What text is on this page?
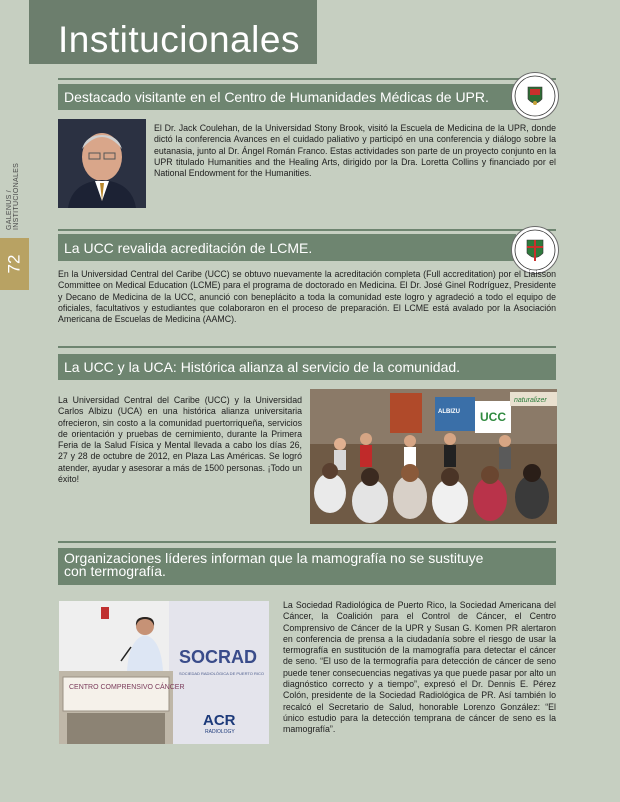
Institucionales
GALENUS / INSTITUCIONALES
72
Destacado visitante en el Centro de Humanidades Médicas de UPR.
El Dr. Jack Coulehan, de la Universidad Stony Brook, visitó la Escuela de Medicina de la UPR, donde dictó la conferencia Avances en el cuidado paliativo y participó en una conferencia y diálogo sobre la eutanasia, junto al Dr. Ángel Román Franco. Estas actividades son parte de un proyecto conjunto en la UPR titulado Humanities and the Healing Arts, dirigido por la Dra. Loretta Collins y financiado por el National Endowment for the Humanities.
La UCC revalida acreditación de LCME.
En la Universidad Central del Caribe (UCC) se obtuvo nuevamente la acreditación completa (Full accreditation) por el Liaisson Committee on Medical Education (LCME) para el programa de doctorado en Medicina. El Dr. José Ginel Rodríguez, Presidente y Decano de Medicina de la UCC, anunció con beneplácito a toda la comunidad este logro y agradeció a todo el equipo de oficiales, facultativos y estudiantes que colaboraron en el proceso de preparación. El LCME está avalado por la Asociación Americana de Escuelas de Medicina (AAMC).
La UCC y la UCA: Histórica alianza al servicio de la comunidad.
La Universidad Central del Caribe (UCC) y la Universidad Carlos Albizu (UCA) en una histórica alianza universitaria ofrecieron, sin costo a la comunidad puertorriqueña, servicios de orientación y pruebas de cernimiento, durante la Primera Feria de la Salud Física y Mental llevada a cabo los días 26, 27 y 28 de octubre de 2012, en Plaza Las Américas. Se logró atender, ayudar y asesorar a más de 1500 personas. ¡Todo un éxito!
naturalizer
UCC
ALBIZU
Organizaciones líderes informan que la mamografía no se sustituye
con termografía.
CENTRO COMPRENSIVO CÁNCER
SOCRAD
SOCIEDAD RADIOLÓGICA DE PUERTO RICO
ACR
RADIOLOGY
La Sociedad Radiológica de Puerto Rico, la Sociedad Americana del Cáncer, la Coalición para el Control de Cáncer, el Centro Comprensivo de Cáncer de la UPR y Susan G. Komen PR alertaron en conferencia de prensa a la ciudadanía sobre el riesgo de usar la termografía en sustitución de la mamografía para detectar el cáncer de seno. “El uso de la termografía para detección de cáncer de seno puede tener consecuencias negativas ya que puede pasar por alto un diagnóstico correcto y a tiempo”, expresó el Dr. Dennis E. Pérez Colón, presidente de la Sociedad Radiológica de PR. Así también lo recalcó el Secretario de Salud, honorable Lorenzo González: “El único estudio para la detección temprana de cáncer de seno es la mamografía”.
